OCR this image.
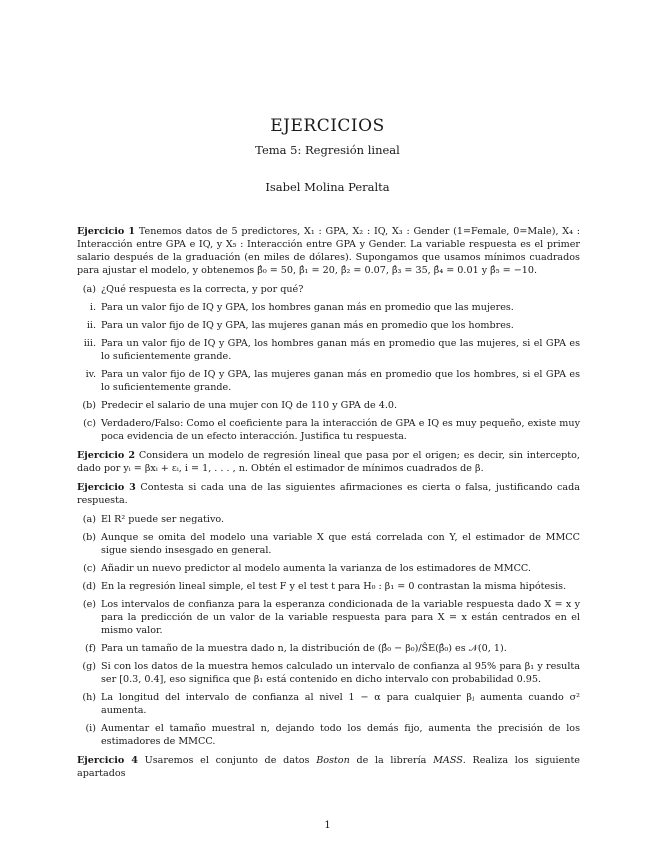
EJERCICIOS
Tema 5: Regresión lineal
Isabel Molina Peralta

Ejercicio 1 Tenemos datos de 5 predictores, X₁ : GPA, X₂ : IQ, X₃ : Gender (1=Female, 0=Male), X₄ : Interacción entre GPA e IQ, y X₅ : Interacción entre GPA y Gender. La variable respuesta es el primer salario después de la graduación (en miles de dólares). Supongamos que usamos mínimos cuadrados para ajustar el modelo, y obtenemos β̂₀ = 50, β̂₁ = 20, β̂₂ = 0.07, β̂₃ = 35, β̂₄ = 0.01 y β̂₅ = −10.

(a) ¿Qué respuesta es la correcta, y por qué?
i. Para un valor fijo de IQ y GPA, los hombres ganan más en promedio que las mujeres.
ii. Para un valor fijo de IQ y GPA, las mujeres ganan más en promedio que los hombres.
iii. Para un valor fijo de IQ y GPA, los hombres ganan más en promedio que las mujeres, si el GPA es lo suficientemente grande.
iv. Para un valor fijo de IQ y GPA, las mujeres ganan más en promedio que los hombres, si el GPA es lo suficientemente grande.
(b) Predecir el salario de una mujer con IQ de 110 y GPA de 4.0.
(c) Verdadero/Falso: Como el coeficiente para la interacción de GPA e IQ es muy pequeño, existe muy poca evidencia de un efecto interacción. Justifica tu respuesta.

Ejercicio 2 Considera un modelo de regresión lineal que pasa por el origen; es decir, sin intercepto, dado por yᵢ = βxᵢ + εᵢ, i = 1, . . . , n. Obtén el estimador de mínimos cuadrados de β.

Ejercicio 3 Contesta si cada una de las siguientes afirmaciones es cierta o falsa, justificando cada respuesta.

(a) El R² puede ser negativo.
(b) Aunque se omita del modelo una variable X que está correlada con Y, el estimador de MMCC sigue siendo insesgado en general.
(c) Añadir un nuevo predictor al modelo aumenta la varianza de los estimadores de MMCC.
(d) En la regresión lineal simple, el test F y el test t para H₀ : β₁ = 0 contrastan la misma hipótesis.
(e) Los intervalos de confianza para la esperanza condicionada de la variable respuesta dado X = x y para la predicción de un valor de la variable respuesta para para X = x están centrados en el mismo valor.
(f) Para un tamaño de la muestra dado n, la distribución de (β̂₀ − β₀)/ŜE(β̂₀) es 𝒩(0, 1).
(g) Si con los datos de la muestra hemos calculado un intervalo de confianza al 95% para β₁ y resulta ser [0.3, 0.4], eso significa que β₁ está contenido en dicho intervalo con probabilidad 0.95.
(h) La longitud del intervalo de confianza al nivel 1 − α para cualquier βⱼ aumenta cuando σ² aumenta.
(i) Aumentar el tamaño muestral n, dejando todo los demás fijo, aumenta the precisión de los estimadores de MMCC.

Ejercicio 4 Usaremos el conjunto de datos Boston de la librería MASS. Realiza los siguiente apartados

1
